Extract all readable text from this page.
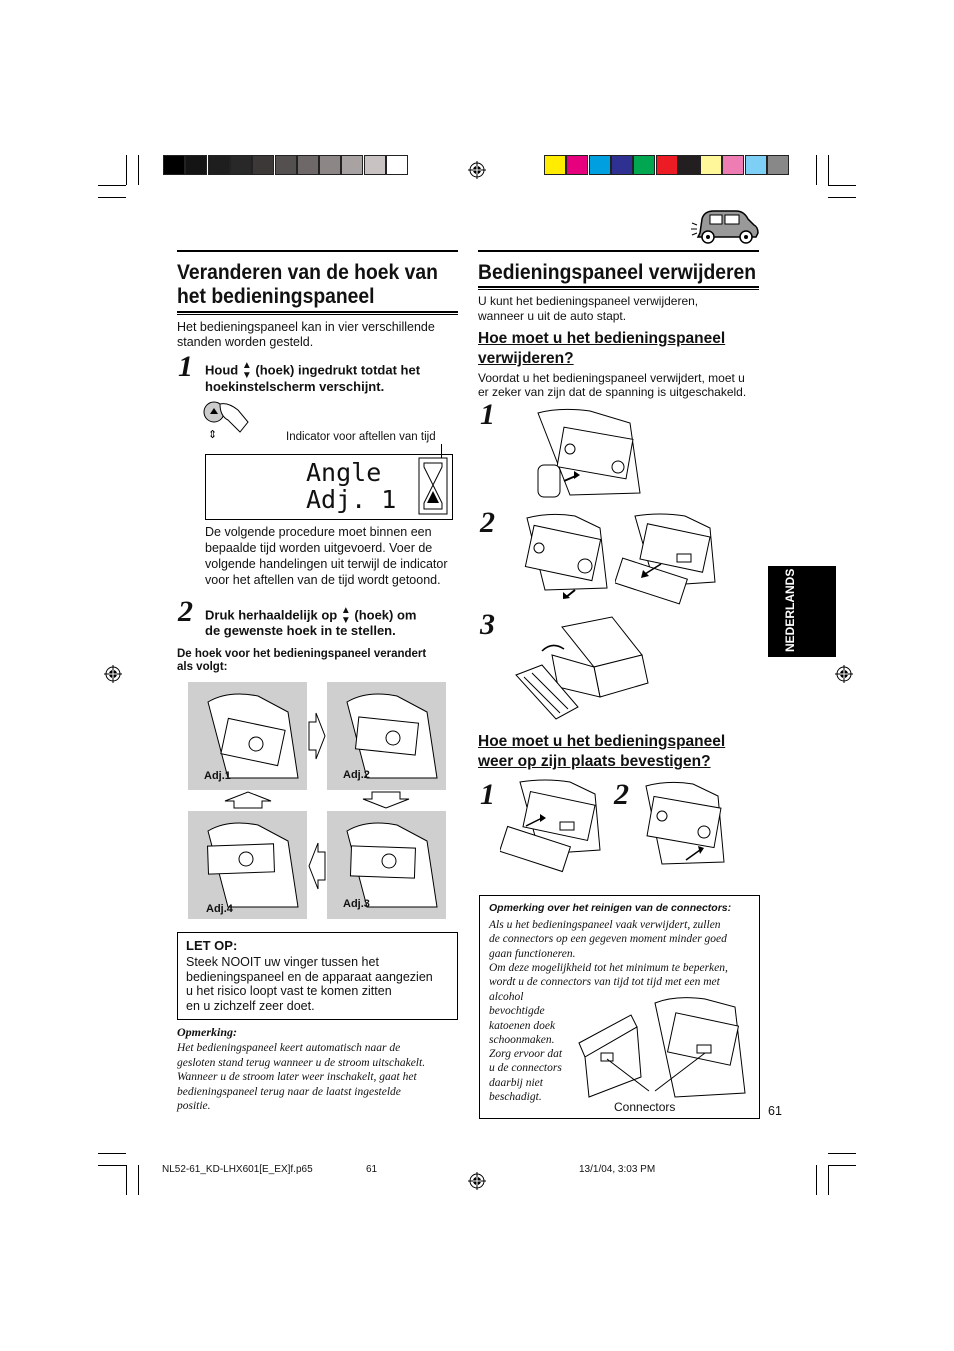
Veranderen van de hoek van
het bedieningspaneel
Het bedieningspaneel kan in vier verschillende standen worden gesteld.
1 Houd ▲
▼ (hoek) ingedrukt totdat het
hoekinstelscherm verschijnt.
⇕	Indicator voor aftellen van tijd
Angle
Adj. 1
De volgende procedure moet binnen een
bepaalde tijd worden uitgevoerd. Voer de
volgende handelingen uit terwijl de indicator
voor het aftellen van de tijd wordt getoond.
2 Druk herhaaldelijk op ▲
▼ (hoek) om
de gewenste hoek in te stellen.
De hoek voor het bedieningspaneel verandert
als volgt:
Adj.1	Adj.2
Adj.3
Adj.4
LET OP:
Steek NOOIT uw vinger tussen het
bedieningspaneel en de apparaat aangezien
u het risico loopt vast te komen zitten
en u zichzelf zeer doet.
Opmerking:
Het bedieningspaneel keert automatisch naar de
gesloten stand terug wanneer u de stroom uitschakelt.
Wanneer u de stroom later weer inschakelt, gaat het
bedieningspaneel terug naar de laatst ingestelde
positie.
Bedieningspaneel verwijderen
U kunt het bedieningspaneel verwijderen,
wanneer u uit de auto stapt.
Hoe moet u het bedieningspaneel
verwijderen?
Voordat u het bedieningspaneel verwijdert, moet u
er zeker van zijn dat de spanning is uitgeschakeld.
1
2
3
Hoe moet u het bedieningspaneel
weer op zijn plaats bevestigen?
1	2
Opmerking over het reinigen van de connectors:
Als u het bedieningspaneel vaak verwijdert, zullen
de connectors op een gegeven moment minder goed
gaan functioneren.
Om deze mogelijkheid tot het minimum te beperken,
wordt u de connectors van tijd tot tijd met een met
alcohol
bevochtigde
katoenen doek
schoonmaken.
Zorg ervoor dat
u de connectors
daarbij niet
beschadigt.
Connectors
NEDERLANDS
61
NL52-61_KD-LHX601[E_EX]f.p65	61	13/1/04, 3:03 PM
